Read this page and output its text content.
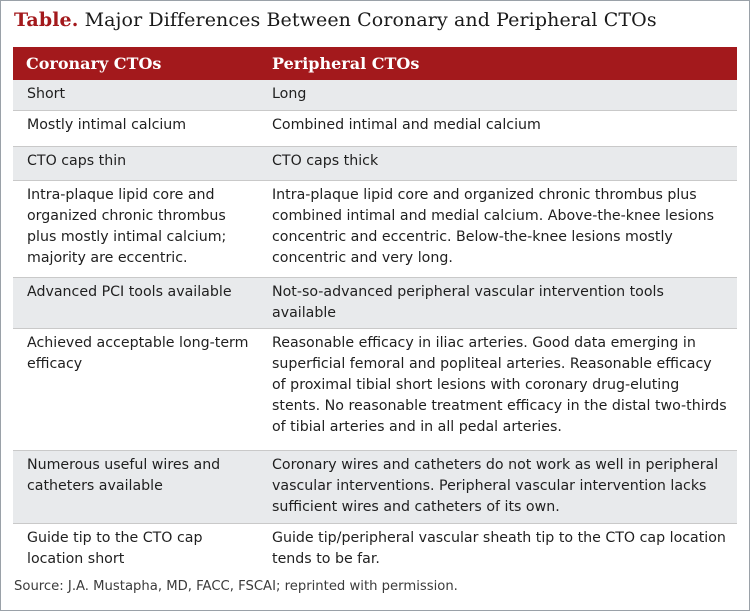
Table. Major Differences Between Coronary and Peripheral CTOs
Coronary CTOs	Peripheral CTOs
Short	Long
Mostly intimal calcium	Combined intimal and medial calcium
CTO caps thin	CTO caps thick
Intra-plaque lipid core and organized chronic thrombus plus mostly intimal calcium; majority are eccentric.	Intra-plaque lipid core and organized chronic thrombus plus combined intimal and medial calcium. Above-the-knee lesions concentric and eccentric. Below-the-knee lesions mostly concentric and very long.
Advanced PCI tools available	Not-so-advanced peripheral vascular intervention tools available
Achieved acceptable long-term efficacy	Reasonable efficacy in iliac arteries. Good data emerging in superficial femoral and popliteal arteries. Reasonable efficacy of proximal tibial short lesions with coronary drug-eluting stents. No reasonable treatment efficacy in the distal two-thirds of tibial arteries and in all pedal arteries.
Numerous useful wires and catheters available	Coronary wires and catheters do not work as well in peripheral vascular interventions. Peripheral vascular intervention lacks sufficient wires and catheters of its own.
Guide tip to the CTO cap location short	Guide tip/peripheral vascular sheath tip to the CTO cap location tends to be far.
Source: J.A. Mustapha, MD, FACC, FSCAI; reprinted with permission.
